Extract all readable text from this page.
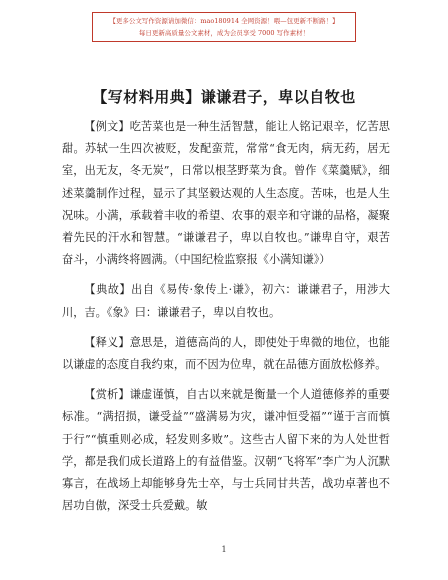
【更多公文写作资源请加微信：mao180914 全网资源！喂—包更新不断路！】
每日更新高质量公文素材，成为会员享受 7000 写作素材！
【写材料用典】谦谦君子，卑以自牧也

【例文】吃苦菜也是一种生活智慧，能让人铭记艰辛，忆苦思甜。苏轼一生四次被贬，发配蛮荒，常常“食无肉，病无药，居无室，出无友，冬无炭”，日常以根茎野菜为食。曾作《菜羹赋》，细述菜羹制作过程，显示了其坚毅达观的人生态度。苦味，也是人生况味。小满，承载着丰收的希望、农事的艰辛和守谦的品格，凝聚着先民的汗水和智慧。“谦谦君子，卑以自牧也。”谦卑自守，艰苦奋斗，小满终将圆满。（中国纪检监察报《小满知谦》）

【典故】出自《易传·象传上·谦》，初六：谦谦君子，用涉大川，吉。《象》曰：谦谦君子，卑以自牧也。

【释义】意思是，道德高尚的人，即使处于卑微的地位，也能以谦虚的态度自我约束，而不因为位卑，就在品德方面放松修养。

【赏析】谦虚谨慎，自古以来就是衡量一个人道德修养的重要标准。“满招损，谦受益”“盛满易为灾，谦冲恒受福”“谨于言而慎于行”“慎重则必成，轻发则多败”。这些古人留下来的为人处世哲学，都是我们成长道路上的有益借鉴。汉朝“飞将军”李广为人沉默寡言，在战场上却能够身先士卒，与士兵同甘共苦，战功卓著也不居功自傲，深受士兵爱戴。敏

1
